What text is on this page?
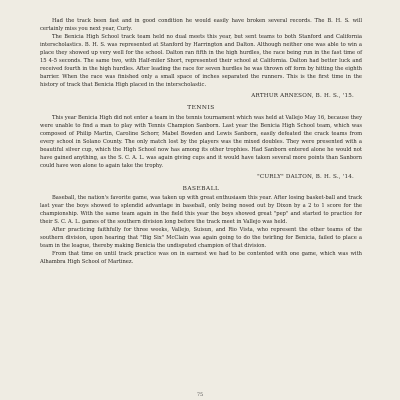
Had the track been fast and in good condition he would easily have broken several records. The B. H. S. will certainly miss you next year, Curly.

The Benicia High School track team held no dual meets this year, but sent teams to both Stanford and California interscholastics. B. H. S. was represented at Stanford by Harrington and Dalton. Although neither one was able to win a place they showed up very well for the school. Dalton ran fifth in the high hurdles, the race being run in the fast time of 15 4-5 seconds. The same two, with Half-miler Short, represented their school at California. Dalton had better luck and received fourth in the high hurdles. After leading the race for seven hurdles he was thrown off form by hitting the eighth barrier. When the race was finished only a small space of inches separated the runners. This is the first time in the history of track that Benicia High placed in the interscholastic.

ARTHUR ARNESON, B. H. S., '15.
TENNIS

This year Benicia High did not enter a team in the tennis tournament which was held at Vallejo May 16, because they were unable to find a man to play with Tennis Champion Sanborn. Last year the Benicia High School team, which was composed of Philip Martin, Caroline Schorr, Mabel Bowden and Lewis Sanborn, easily defeated the crack teams from every school in Solano County. The only match lost by the players was the mixed doubles. They were presented with a beautiful silver cup, which the High School now has among its other trophies. Had Sanborn entered alone he would not have gained anything, as the S. C. A. L. was again giving cups and it would have taken several more points than Sanborn could have won alone to again take the trophy.

"CURLY" DALTON, B. H. S., '14.
BASEBALL

Baseball, the nation's favorite game, was taken up with great enthusiasm this year. After losing basket-ball and track last year the boys showed to splendid advantage in baseball, only being nosed out by Dixon by a 2 to 1 score for the championship. With the same team again in the field this year the boys showed great "pep" and started to practice for their S. C. A. L. games of the southern division long before the track meet in Vallejo was held.

After practicing faithfully for three weeks, Vallejo, Suisun, and Rio Vista, who represent the other teams of the southern division, upon hearing that "Big Six" McClain was again going to do the twirling for Benicia, failed to place a team in the league, thereby making Benicia the undisputed champion of that division.

From that time on until track practice was on in earnest we had to be contented with one game, which was with Alhambra High School of Martinez.

75
